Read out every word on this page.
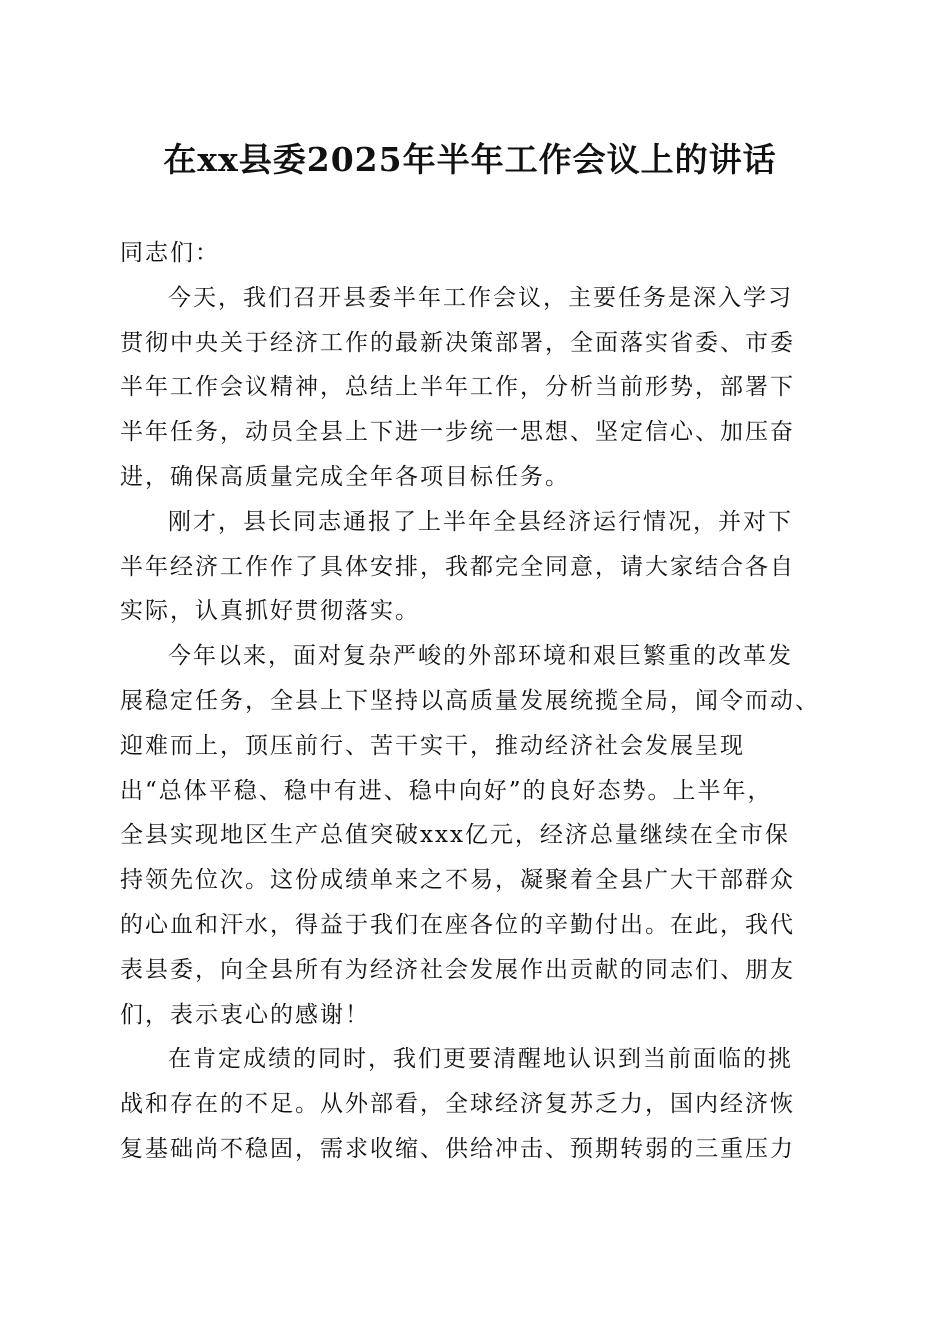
在xx县委2025年半年工作会议上的讲话
同志们：
今天，我们召开县委半年工作会议，主要任务是深入学习
贯彻中央关于经济工作的最新决策部署，全面落实省委、市委
半年工作会议精神，总结上半年工作，分析当前形势，部署下
半年任务，动员全县上下进一步统一思想、坚定信心、加压奋
进，确保高质量完成全年各项目标任务。
刚才，县长同志通报了上半年全县经济运行情况，并对下
半年经济工作作了具体安排，我都完全同意，请大家结合各自
实际，认真抓好贯彻落实。
今年以来，面对复杂严峻的外部环境和艰巨繁重的改革发
展稳定任务，全县上下坚持以高质量发展统揽全局，闻令而动、
迎难而上，顶压前行、苦干实干，推动经济社会发展呈现
出“总体平稳、稳中有进、稳中向好”的良好态势。上半年，
全县实现地区生产总值突破xxx亿元，经济总量继续在全市保
持领先位次。这份成绩单来之不易，凝聚着全县广大干部群众
的心血和汗水，得益于我们在座各位的辛勤付出。在此，我代
表县委，向全县所有为经济社会发展作出贡献的同志们、朋友
们，表示衷心的感谢！
在肯定成绩的同时，我们更要清醒地认识到当前面临的挑
战和存在的不足。从外部看，全球经济复苏乏力，国内经济恢
复基础尚不稳固，需求收缩、供给冲击、预期转弱的三重压力
